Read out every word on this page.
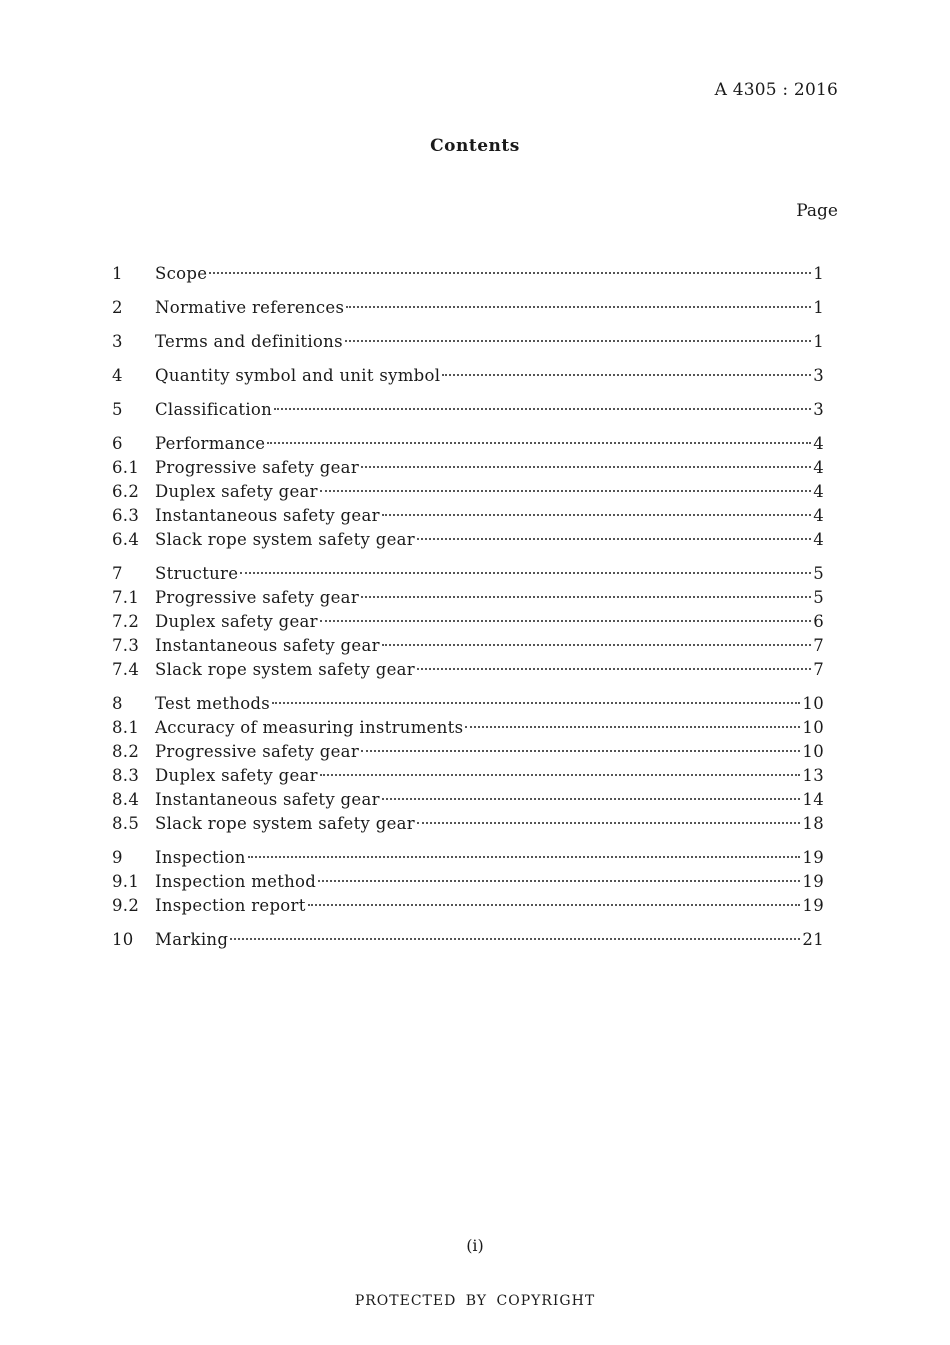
A 4305 : 2016
Contents
Page
1	Scope	1
2	Normative references	1
3	Terms and definitions	1
4	Quantity symbol and unit symbol	3
5	Classification	3
6	Performance	4
6.1 Progressive safety gear	4
6.2 Duplex safety gear	4
6.3 Instantaneous safety gear	4
6.4 Slack rope system safety gear	4
7	Structure	5
7.1 Progressive safety gear	5
7.2 Duplex safety gear	6
7.3 Instantaneous safety gear	7
7.4 Slack rope system safety gear	7
8	Test methods	10
8.1 Accuracy of measuring instruments	10
8.2 Progressive safety gear	10
8.3 Duplex safety gear	13
8.4 Instantaneous safety gear	14
8.5 Slack rope system safety gear	18
9	Inspection	19
9.1 Inspection method	19
9.2 Inspection report	19
10	Marking	21
(i)
PROTECTED BY COPYRIGHT
